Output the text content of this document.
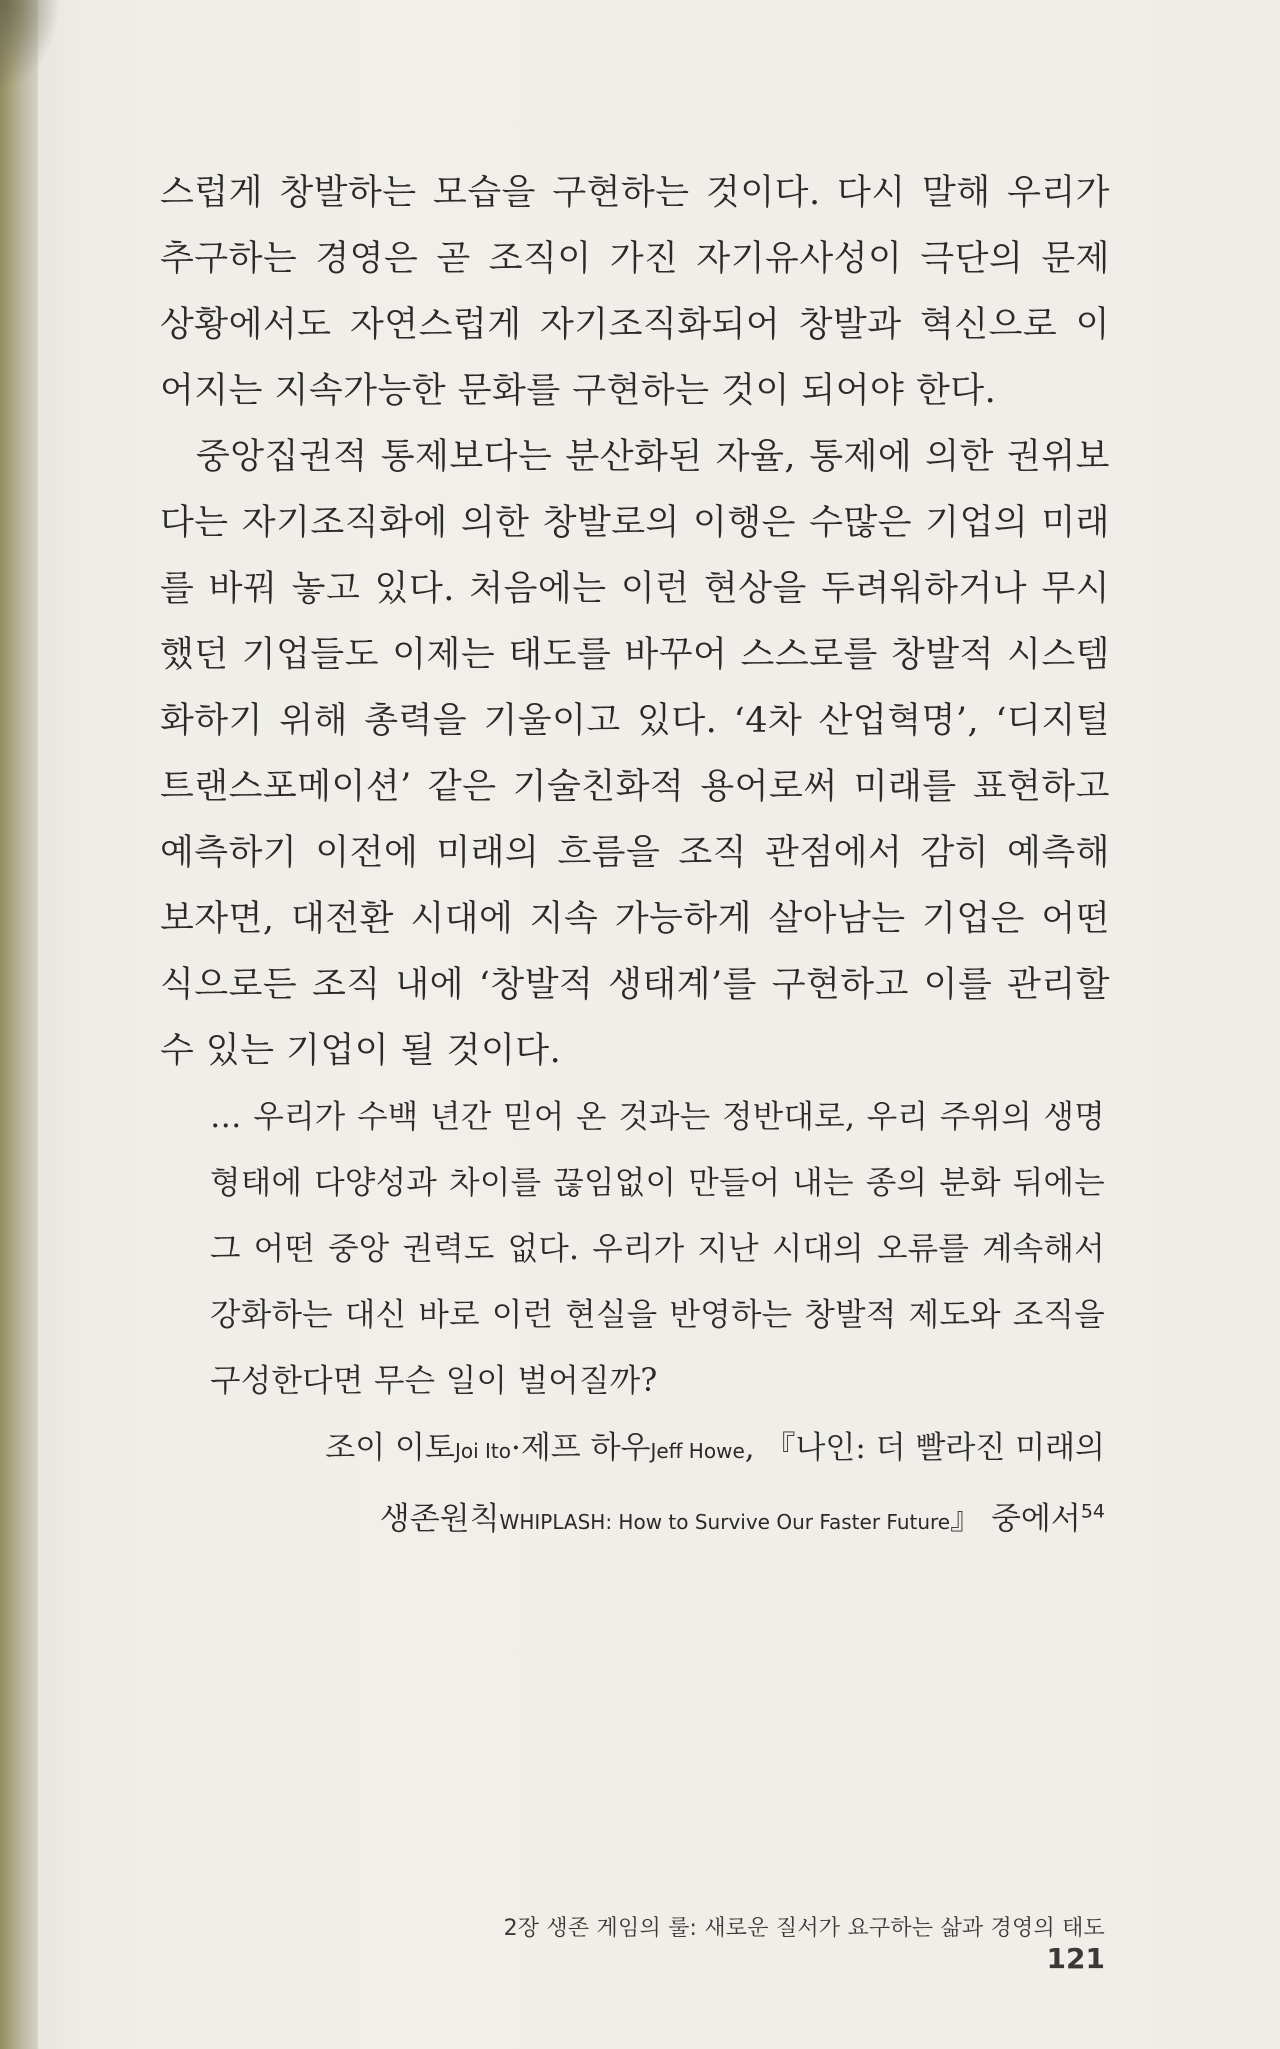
스럽게 창발하는 모습을 구현하는 것이다. 다시 말해 우리가 추구하는 경영은 곧 조직이 가진 자기유사성이 극단의 문제 상황에서도 자연스럽게 자기조직화되어 창발과 혁신으로 이어지는 지속가능한 문화를 구현하는 것이 되어야 한다.

중앙집권적 통제보다는 분산화된 자율, 통제에 의한 권위보다는 자기조직화에 의한 창발로의 이행은 수많은 기업의 미래를 바꿔 놓고 있다. 처음에는 이런 현상을 두려워하거나 무시했던 기업들도 이제는 태도를 바꾸어 스스로를 창발적 시스템화하기 위해 총력을 기울이고 있다. ‘4차 산업혁명’, ‘디지털 트랜스포메이션’ 같은 기술친화적 용어로써 미래를 표현하고 예측하기 이전에 미래의 흐름을 조직 관점에서 감히 예측해 보자면, 대전환 시대에 지속 가능하게 살아남는 기업은 어떤 식으로든 조직 내에 ‘창발적 생태계’를 구현하고 이를 관리할 수 있는 기업이 될 것이다.

… 우리가 수백 년간 믿어 온 것과는 정반대로, 우리 주위의 생명 형태에 다양성과 차이를 끊임없이 만들어 내는 종의 분화 뒤에는 그 어떤 중앙 권력도 없다. 우리가 지난 시대의 오류를 계속해서 강화하는 대신 바로 이런 현실을 반영하는 창발적 제도와 조직을 구성한다면 무슨 일이 벌어질까?

조이 이토Joi Ito·제프 하우Jeff Howe, 『나인: 더 빨라진 미래의

생존원칙WHIPLASH: How to Survive Our Faster Future』 중에서$^{54}$

2장 생존 게임의 룰: 새로운 질서가 요구하는 삶과 경영의 태도121
